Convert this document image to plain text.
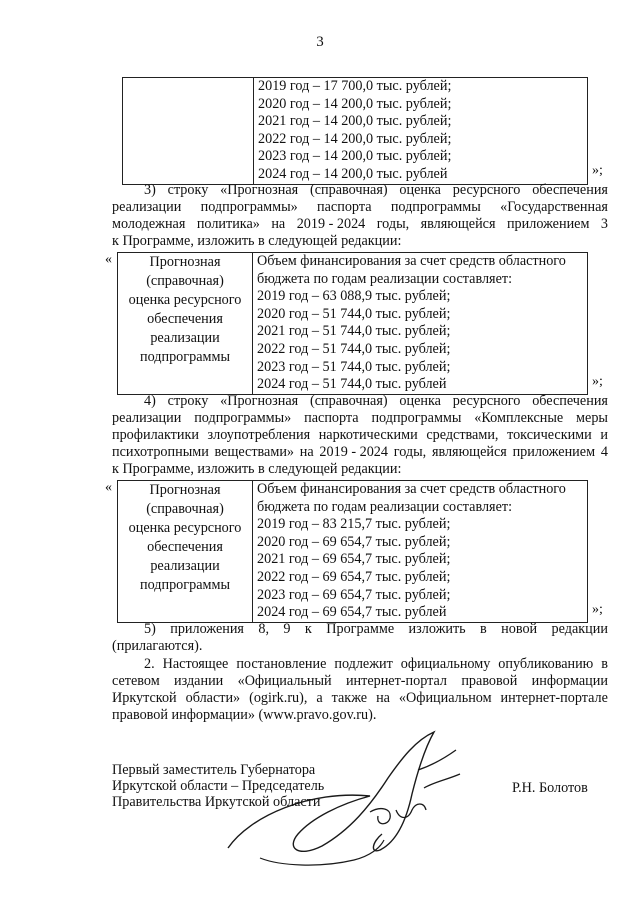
3

2019 год – 17 700,0 тыс. рублей;
2020 год – 14 200,0 тыс. рублей;
2021 год – 14 200,0 тыс. рублей;
2022 год – 14 200,0 тыс. рублей;
2023 год – 14 200,0 тыс. рублей;
2024 год – 14 200,0 тыс. рублей	»;
3) строку «Прогнозная (справочная) оценка ресурсного обеспечения
реализации подпрограммы» паспорта подпрограммы «Государственная
молодежная политика» на 2019 - 2024 годы, являющейся приложением 3
к Программе, изложить в следующей редакции:
«	Прогнозная
(справочная)
оценка ресурсного
обеспечения
реализации
подпрограммы

Объем финансирования за счет средств областного
бюджета по годам реализации составляет:
2019 год – 63 088,9 тыс. рублей;
2020 год – 51 744,0 тыс. рублей;
2021 год – 51 744,0 тыс. рублей;
2022 год – 51 744,0 тыс. рублей;
2023 год – 51 744,0 тыс. рублей;
2024 год – 51 744,0 тыс. рублей	»;
4) строку «Прогнозная (справочная) оценка ресурсного обеспечения
реализации подпрограммы» паспорта подпрограммы «Комплексные меры
профилактики злоупотребления наркотическими средствами, токсическими и
психотропными веществами» на 2019 - 2024 годы, являющейся приложением 4
к Программе, изложить в следующей редакции:
«	Прогнозная
(справочная)
оценка ресурсного
обеспечения
реализации
подпрограммы

Объем финансирования за счет средств областного
бюджета по годам реализации составляет:
2019 год – 83 215,7 тыс. рублей;
2020 год – 69 654,7 тыс. рублей;
2021 год – 69 654,7 тыс. рублей;
2022 год – 69 654,7 тыс. рублей;
2023 год – 69 654,7 тыс. рублей;
2024 год – 69 654,7 тыс. рублей	»;
5) приложения 8, 9 к Программе изложить в новой редакции
(прилагаются).
2. Настоящее постановление подлежит официальному опубликованию в
сетевом издании «Официальный интернет-портал правовой информации
Иркутской области» (ogirk.ru), а также на «Официальном интернет-портале
правовой информации» (www.pravo.gov.ru).
Первый заместитель Губернатора
Иркутской области – Председатель
Правительства Иркутской области
Р.Н. Болотов
